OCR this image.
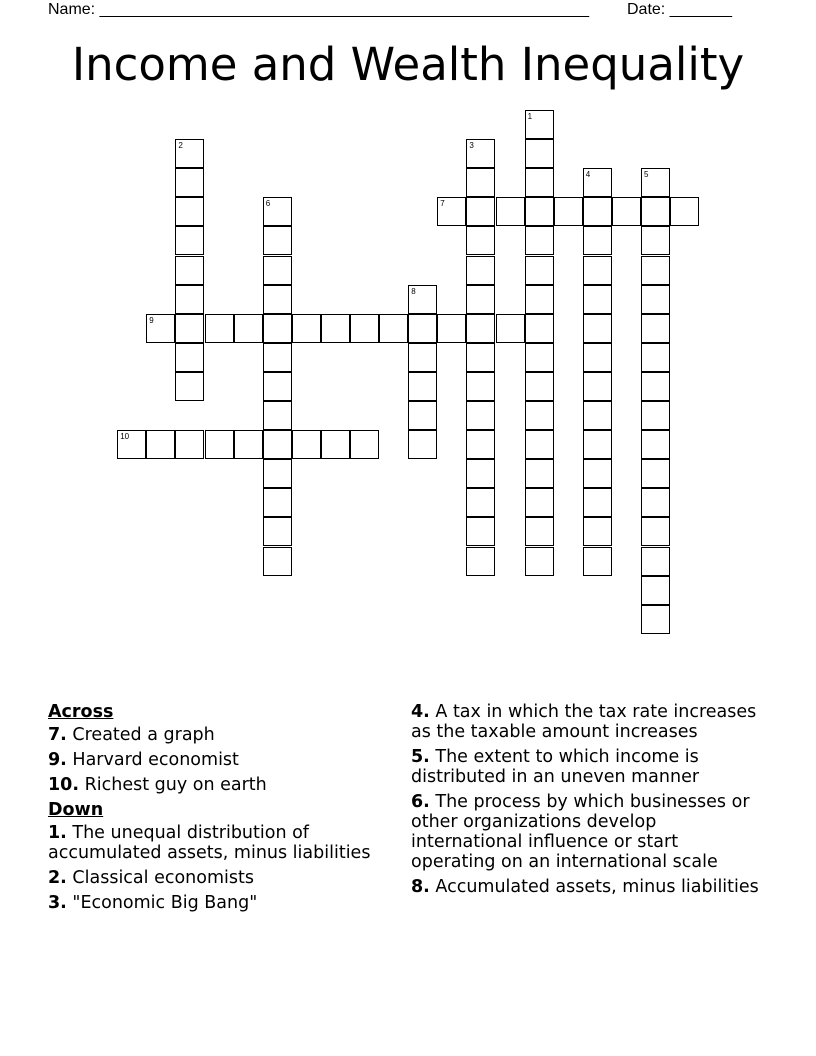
Name: _______________________________________________________ Date: _______
Income and Wealth Inequality
1
2	3
4	5
6	7
8
9
10
Across
7. Created a graph
9. Harvard economist
10. Richest guy on earth
Down
1. The unequal distribution of accumulated assets, minus liabilities
2. Classical economists
3. "Economic Big Bang"
4. A tax in which the tax rate increases as the taxable amount increases
5. The extent to which income is distributed in an uneven manner
6. The process by which businesses or other organizations develop international influence or start operating on an international scale
8. Accumulated assets, minus liabilities
